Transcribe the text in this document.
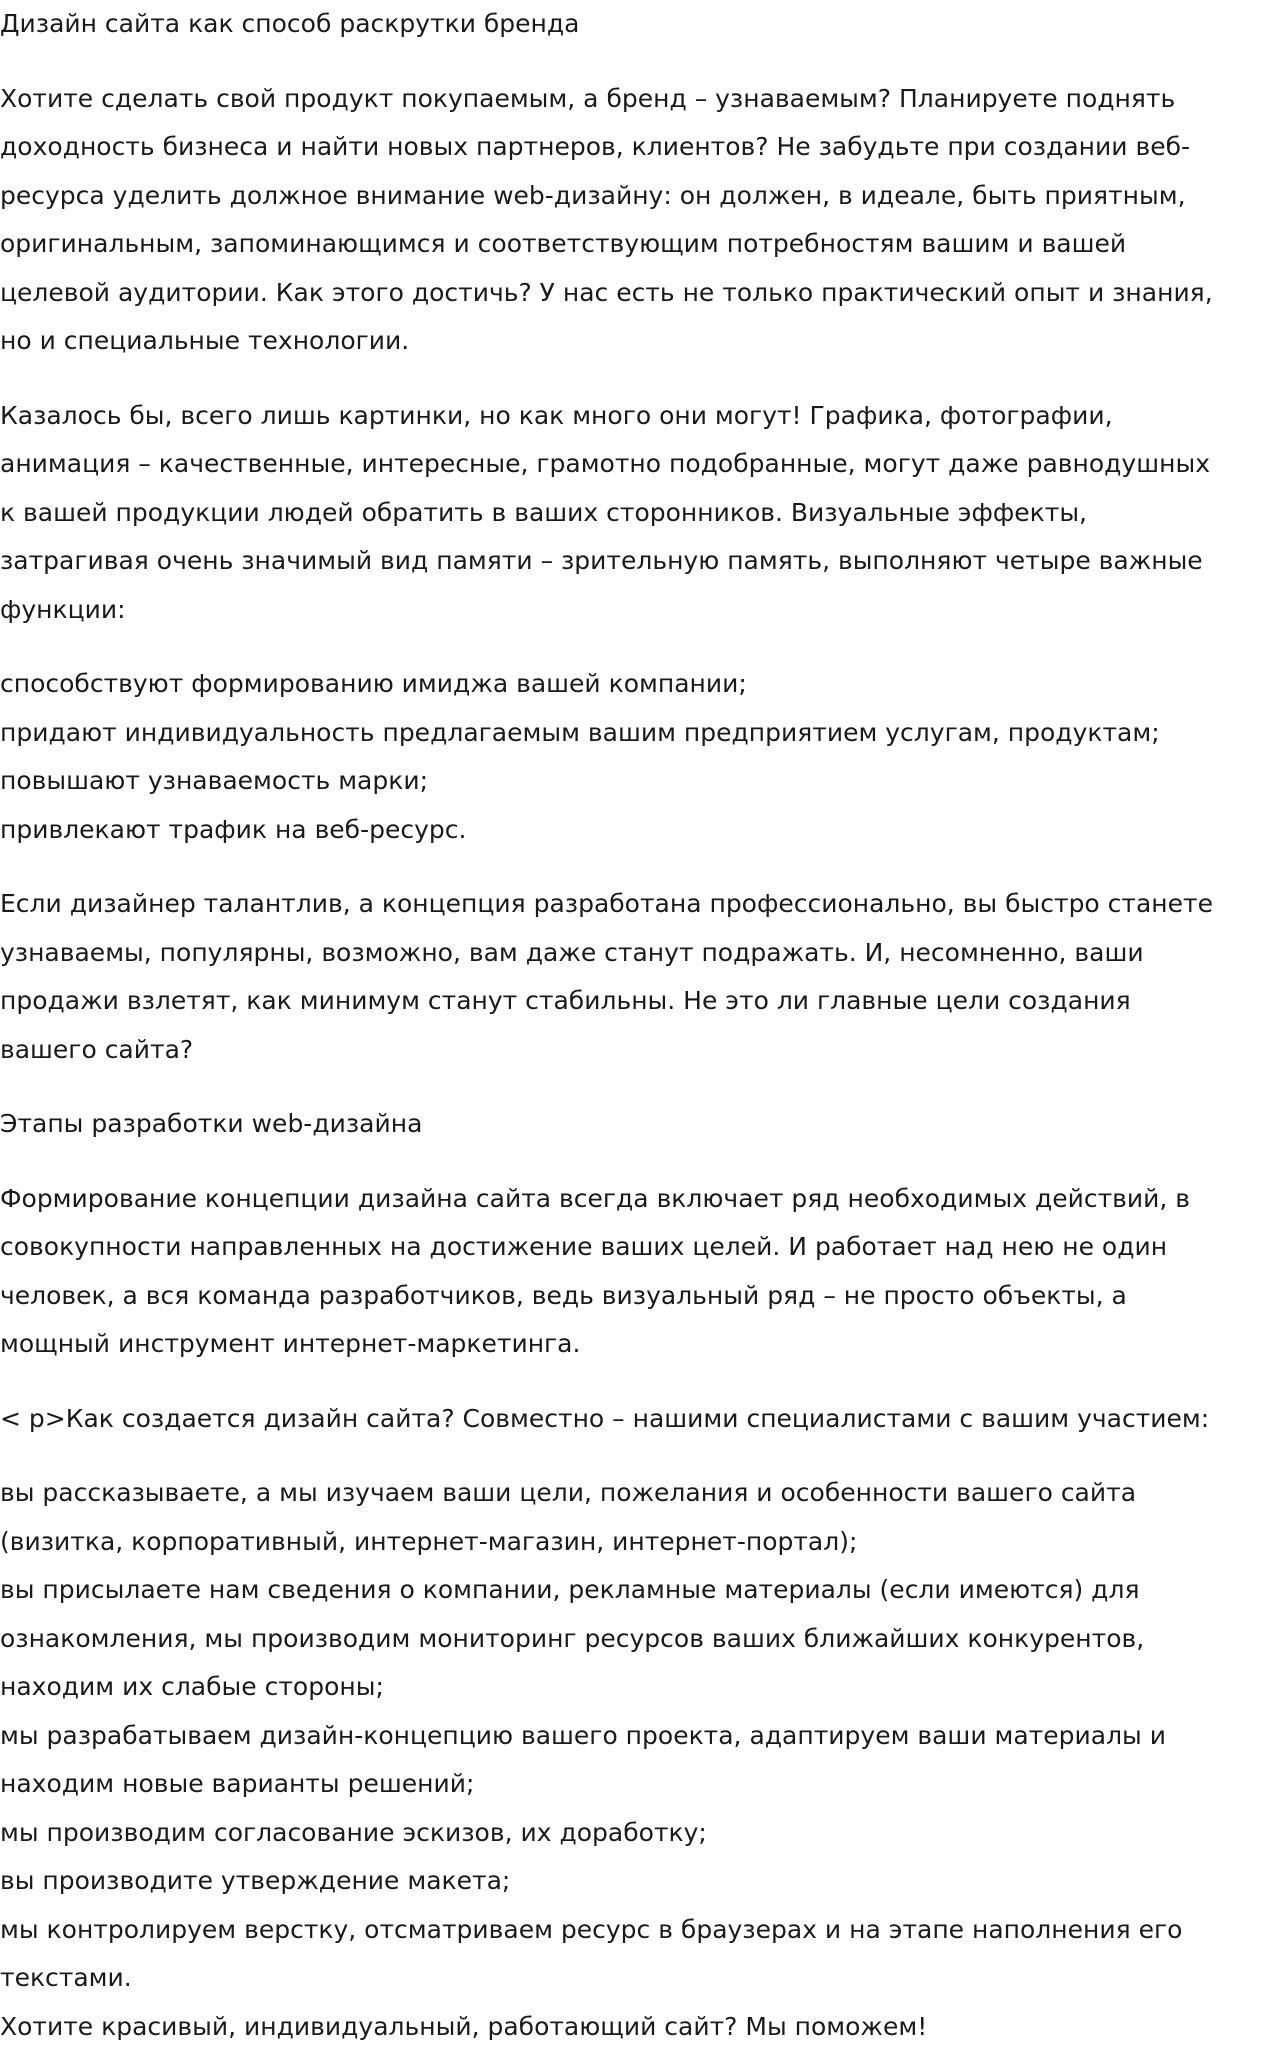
Дизайн сайта как способ раскрутки бренда
Хотите сделать свой продукт покупаемым, а бренд – узнаваемым? Планируете поднять
доходность бизнеса и найти новых партнеров, клиентов? Не забудьте при создании веб-
ресурса уделить должное внимание web-дизайну: он должен, в идеале, быть приятным,
оригинальным, запоминающимся и соответствующим потребностям вашим и вашей
целевой аудитории. Как этого достичь? У нас есть не только практический опыт и знания,
но и специальные технологии.
Казалось бы, всего лишь картинки, но как много они могут! Графика, фотографии,
анимация – качественные, интересные, грамотно подобранные, могут даже равнодушных
к вашей продукции людей обратить в ваших сторонников. Визуальные эффекты,
затрагивая очень значимый вид памяти – зрительную память, выполняют четыре важные
функции:
способствуют формированию имиджа вашей компании;
придают индивидуальность предлагаемым вашим предприятием услугам, продуктам;
повышают узнаваемость марки;
привлекают трафик на веб-ресурс.
Если дизайнер талантлив, а концепция разработана профессионально, вы быстро станете
узнаваемы, популярны, возможно, вам даже станут подражать. И, несомненно, ваши
продажи взлетят, как минимум станут стабильны. Не это ли главные цели создания
вашего сайта?
Этапы разработки web-дизайна
Формирование концепции дизайна сайта всегда включает ряд необходимых действий, в
совокупности направленных на достижение ваших целей. И работает над нею не один
человек, а вся команда разработчиков, ведь визуальный ряд – не просто объекты, а
мощный инструмент интернет-маркетинга.
< p>Как создается дизайн сайта? Совместно – нашими специалистами с вашим участием:
вы рассказываете, а мы изучаем ваши цели, пожелания и особенности вашего сайта
(визитка, корпоративный, интернет-магазин, интернет-портал);
вы присылаете нам сведения о компании, рекламные материалы (если имеются) для
ознакомления, мы производим мониторинг ресурсов ваших ближайших конкурентов,
находим их слабые стороны;
мы разрабатываем дизайн-концепцию вашего проекта, адаптируем ваши материалы и
находим новые варианты решений;
мы производим согласование эскизов, их доработку;
вы производите утверждение макета;
мы контролируем верстку, отсматриваем ресурс в браузерах и на этапе наполнения его
текстами.
Хотите красивый, индивидуальный, работающий сайт? Мы поможем!
